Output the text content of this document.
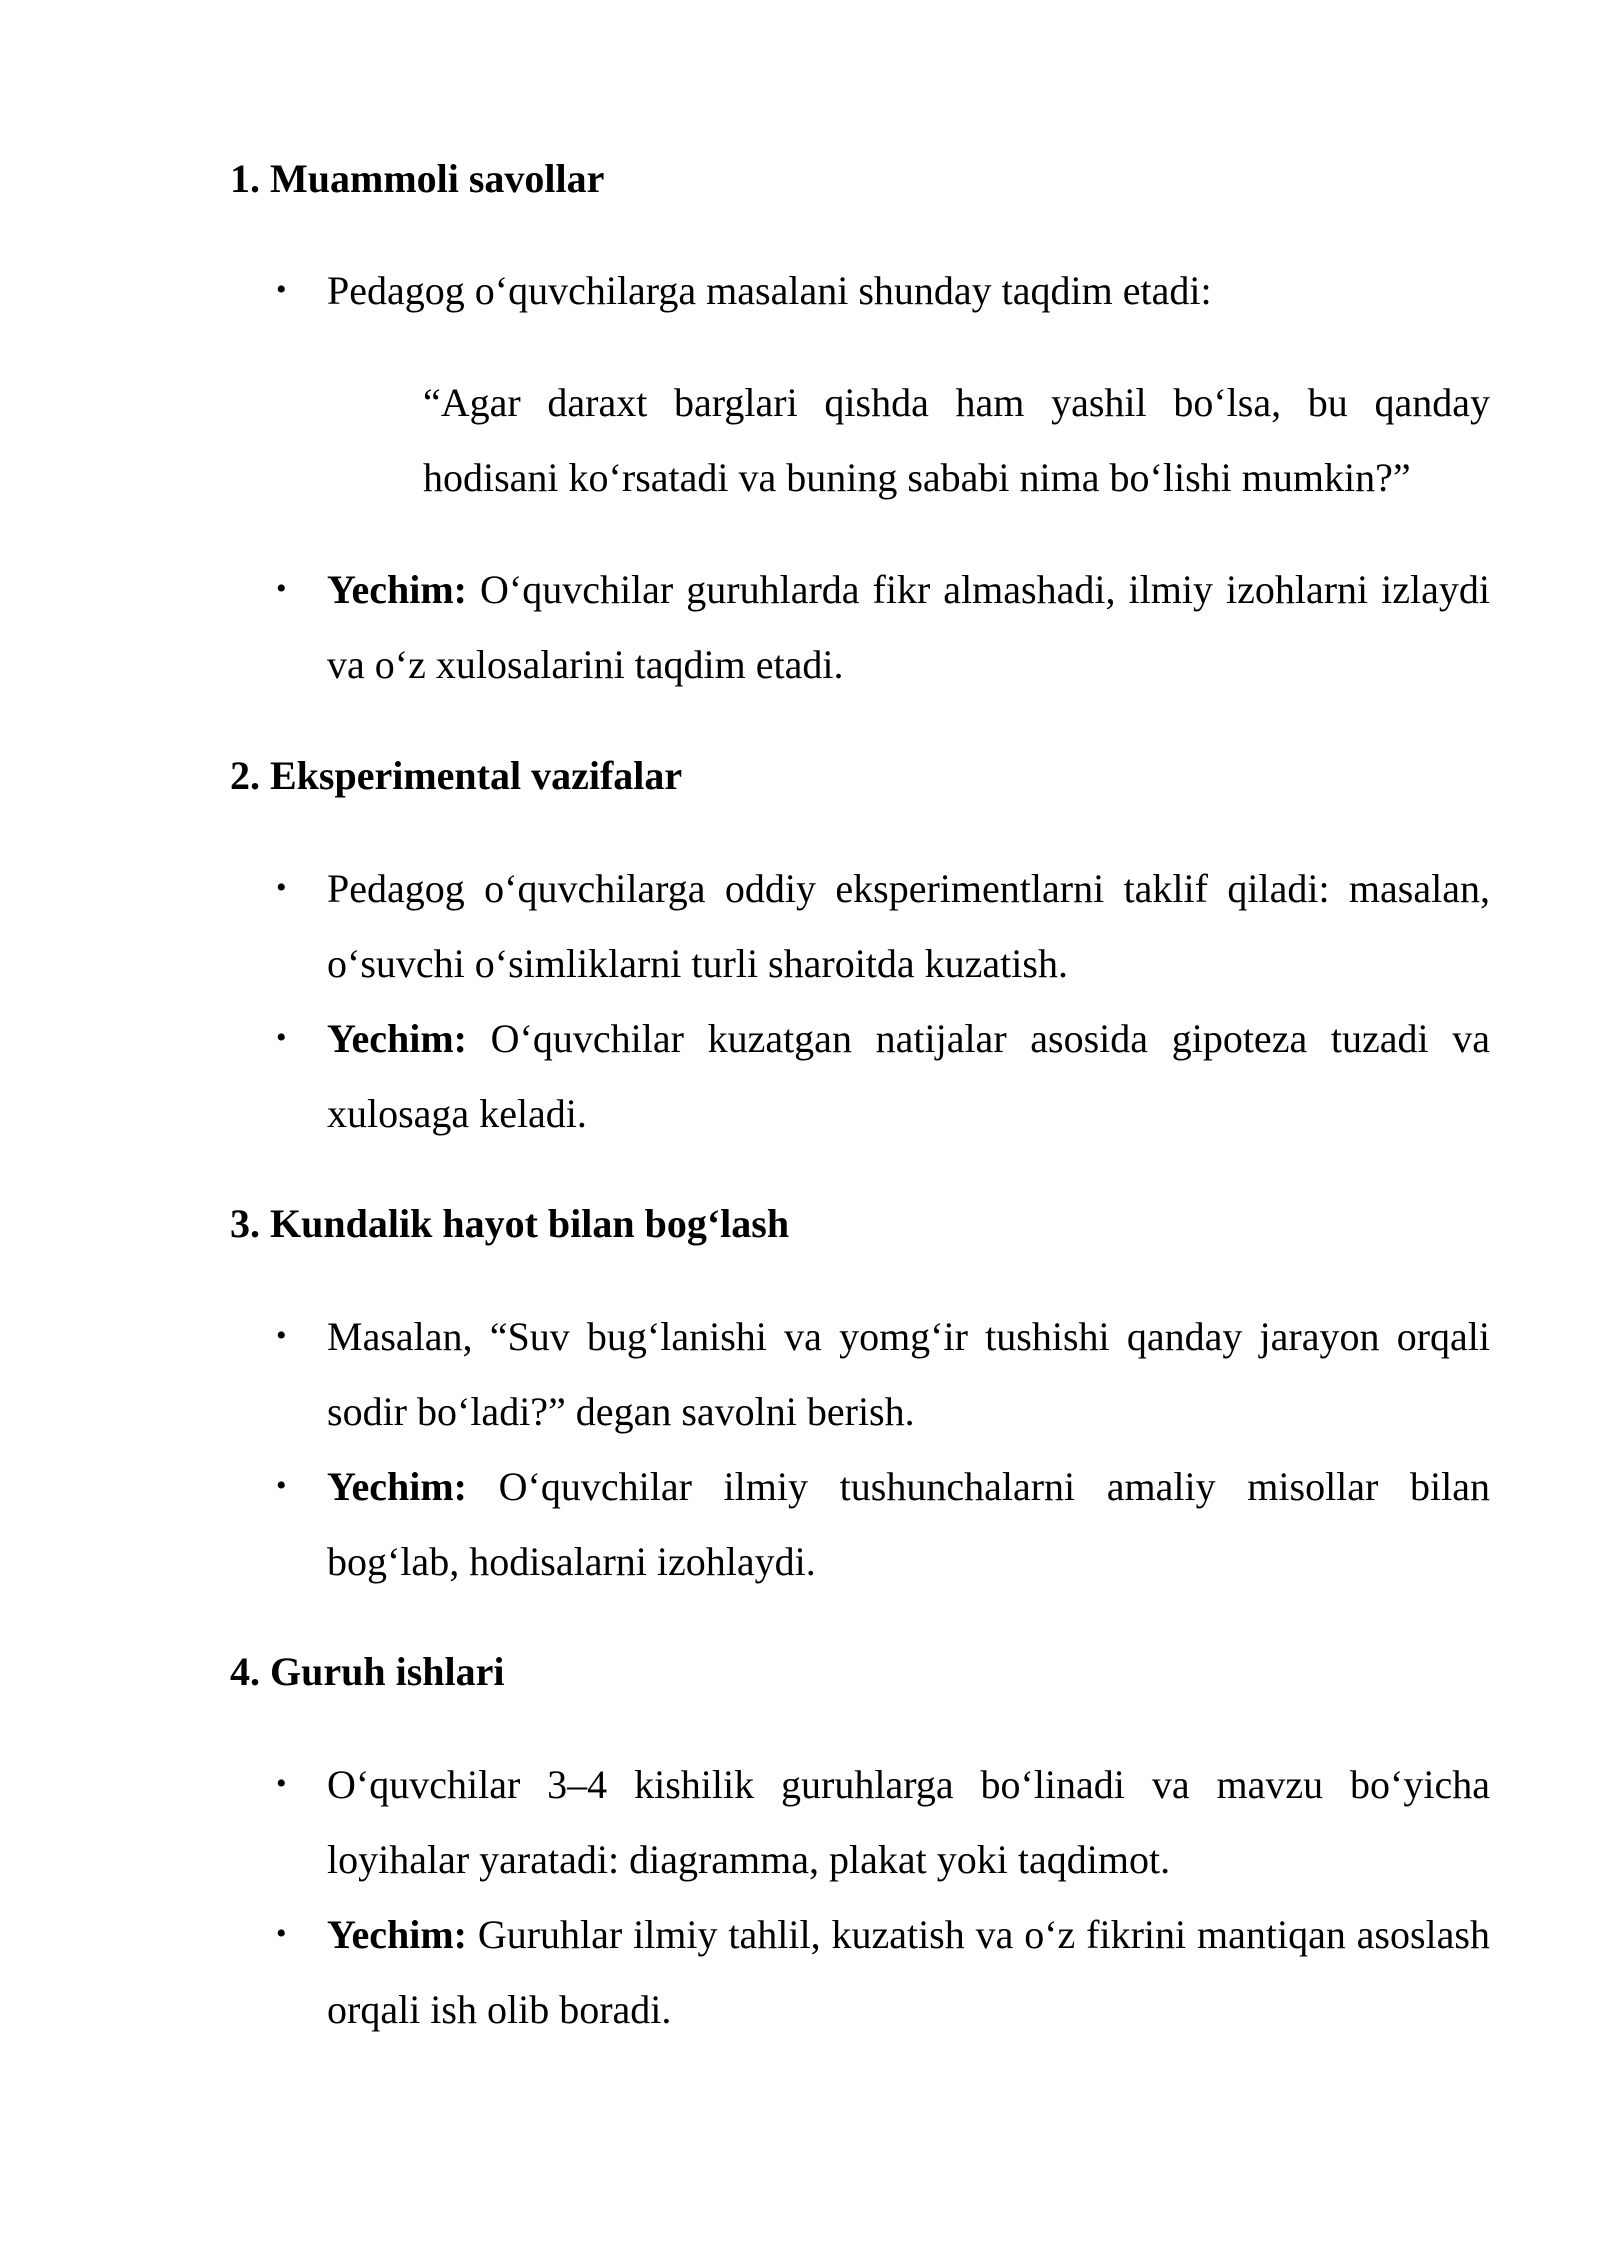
1. Muammoli savollar
• Pedagog o‘quvchilarga masalani shunday taqdim etadi:
“Agar daraxt barglari qishda ham yashil bo‘lsa, bu qanday hodisani ko‘rsatadi va buning sababi nima bo‘lishi mumkin?”
• Yechim: O‘quvchilar guruhlarda fikr almashadi, ilmiy izohlarni izlaydi va o‘z xulosalarini taqdim etadi.
2. Eksperimental vazifalar
• Pedagog o‘quvchilarga oddiy eksperimentlarni taklif qiladi: masalan, o‘suvchi o‘simliklarni turli sharoitda kuzatish.
• Yechim: O‘quvchilar kuzatgan natijalar asosida gipoteza tuzadi va xulosaga keladi.
3. Kundalik hayot bilan bog‘lash
• Masalan, “Suv bug‘lanishi va yomg‘ir tushishi qanday jarayon orqali sodir bo‘ladi?” degan savolni berish.
• Yechim: O‘quvchilar ilmiy tushunchalarni amaliy misollar bilan bog‘lab, hodisalarni izohlaydi.
4. Guruh ishlari
• O‘quvchilar 3–4 kishilik guruhlarga bo‘linadi va mavzu bo‘yicha loyihalar yaratadi: diagramma, plakat yoki taqdimot.
• Yechim: Guruhlar ilmiy tahlil, kuzatish va o‘z fikrini mantiqan asoslash orqali ish olib boradi.
